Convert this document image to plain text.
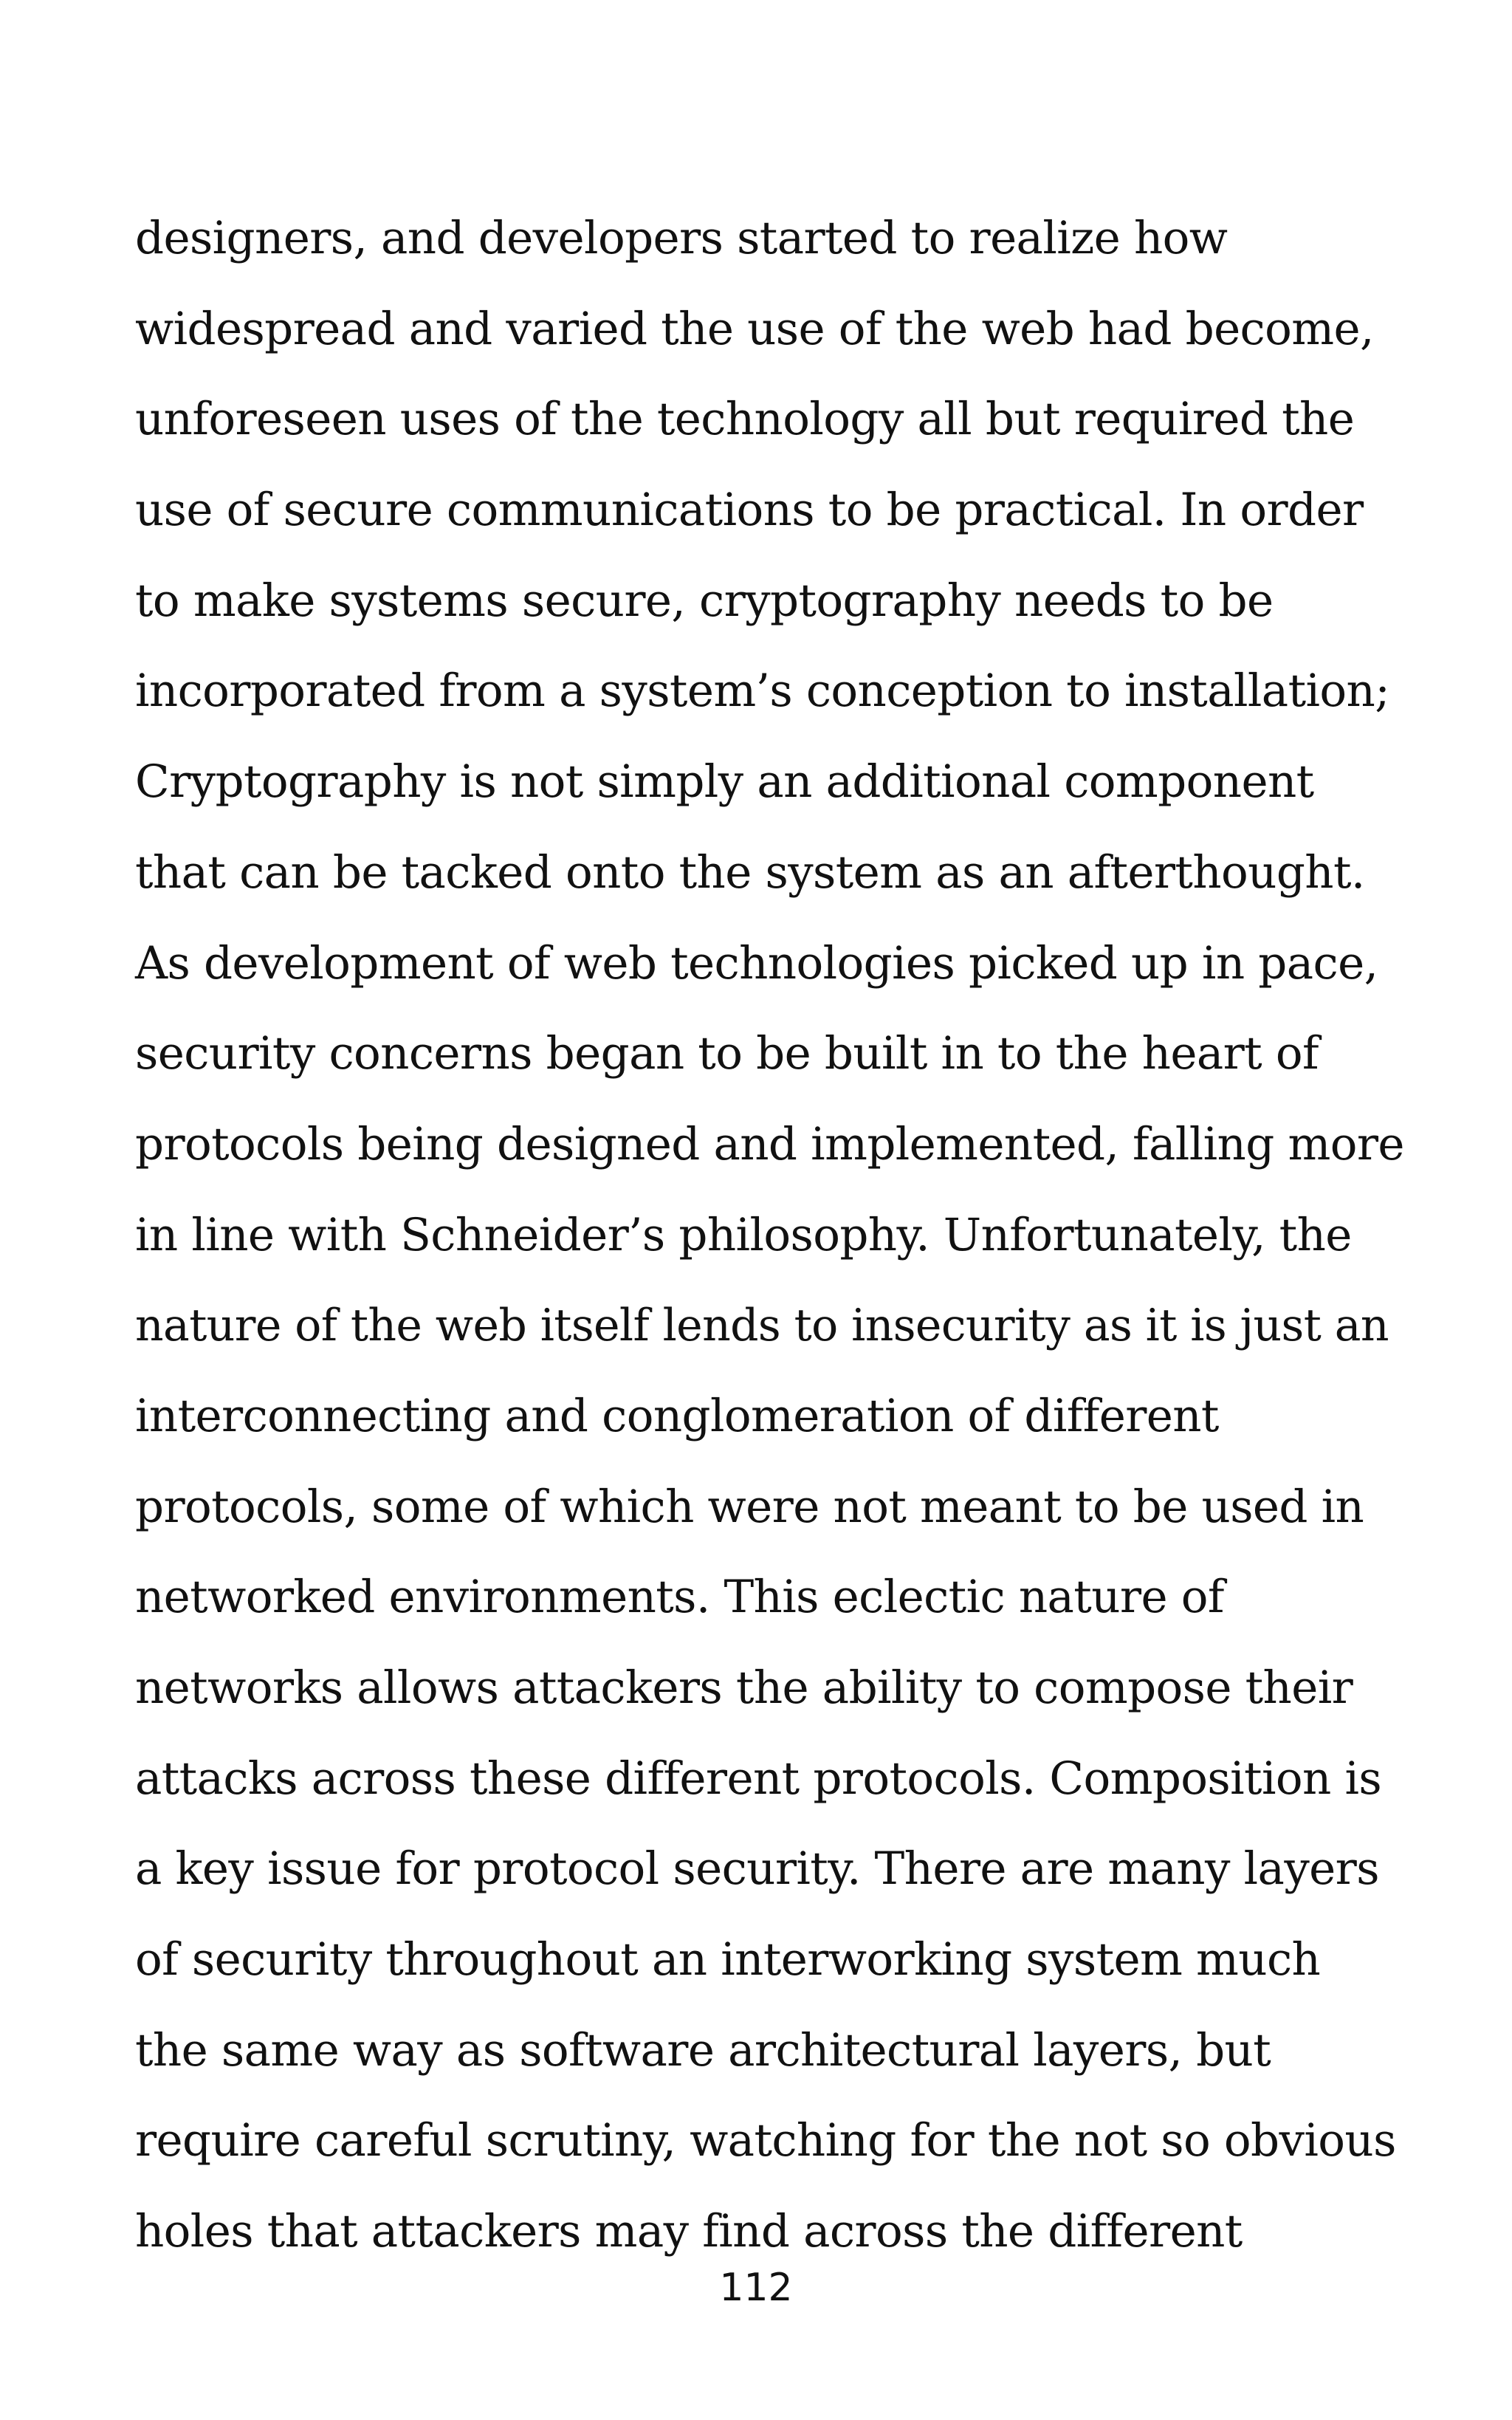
designers, and developers started to realize how
widespread and varied the use of the web had become,
unforeseen uses of the technology all but required the
use of secure communications to be practical. In order
to make systems secure, cryptography needs to be
incorporated from a system’s conception to installation;
Cryptography is not simply an additional component
that can be tacked onto the system as an afterthought.
As development of web technologies picked up in pace,
security concerns began to be built in to the heart of
protocols being designed and implemented, falling more
in line with Schneider’s philosophy. Unfortunately, the
nature of the web itself lends to insecurity as it is just an
interconnecting and conglomeration of different
protocols, some of which were not meant to be used in
networked environments. This eclectic nature of
networks allows attackers the ability to compose their
attacks across these different protocols. Composition is
a key issue for protocol security. There are many layers
of security throughout an interworking system much
the same way as software architectural layers, but
require careful scrutiny, watching for the not so obvious
holes that attackers may find across the different
112
